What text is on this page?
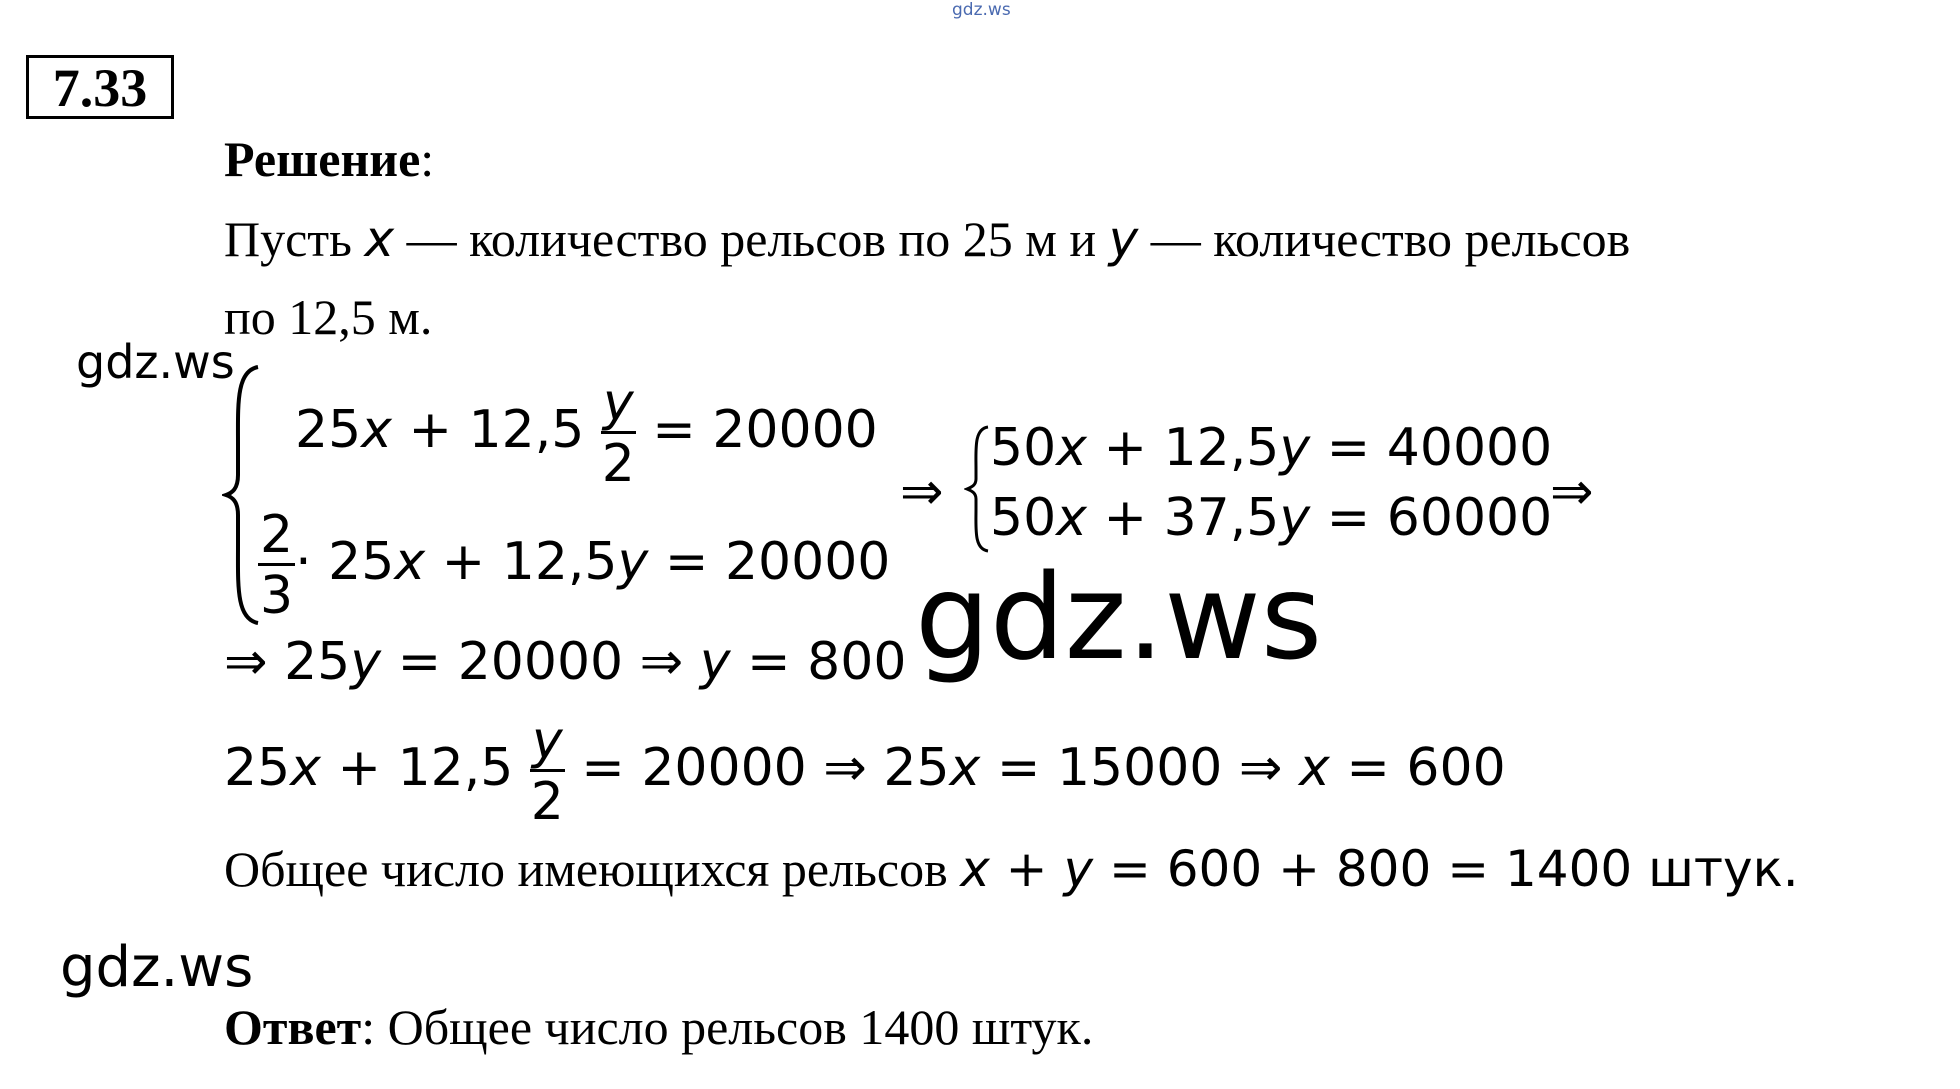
gdz.ws
7.33
Решение:
Пусть x — количество рельсов по 25 м и y — количество рельсов
по 12,5 м.
gdz.ws
$25x + 12,5 \frac{y}{2} = 20000$
$\frac{2}{3} \cdot 25x + 12,5y = 20000$
⇒
50x + 12,5y = 40000
50x + 37,5y = 60000
⇒
⇒ 25y = 20000 ⇒ y = 800 gdz.ws
$25x + 12,5 \frac{y}{2} = 20000$ ⇒ 25x = 15000 ⇒ x = 600
Общее число имеющихся рельсов x + y = 600 + 800 = 1400 штук.
gdz.ws
Ответ: Общее число рельсов 1400 штук.
